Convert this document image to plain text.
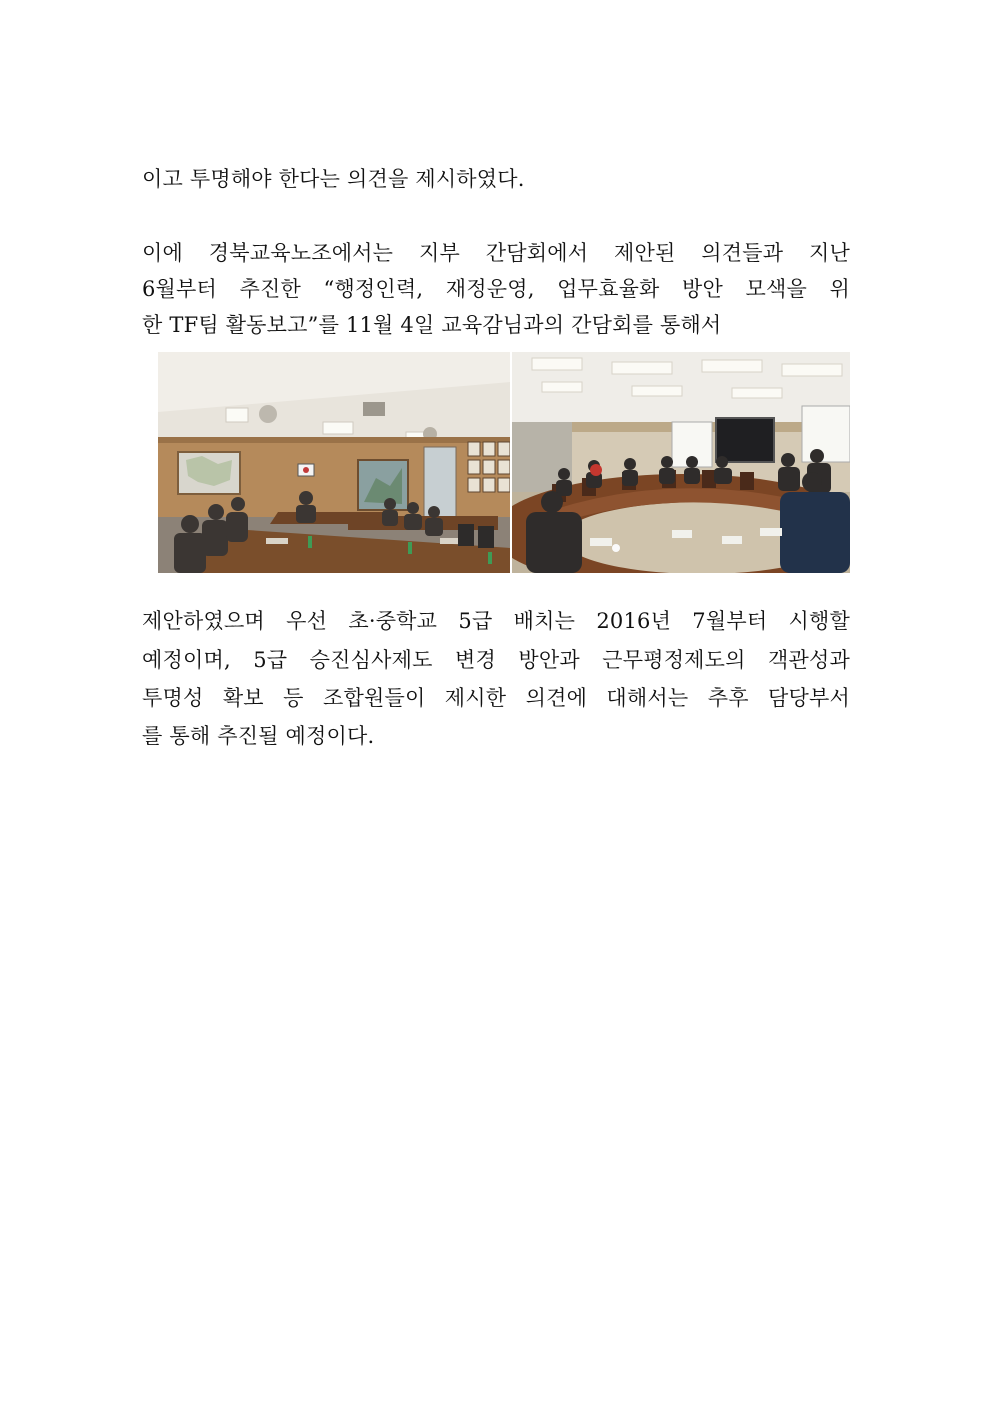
이고 투명해야 한다는 의견을 제시하였다.
이에 경북교육노조에서는 지부 간담회에서 제안된 의견들과 지난
6월부터 추진한 “행정인력, 재정운영, 업무효율화 방안 모색을 위
한 TF팀 활동보고”를 11월 4일 교육감님과의 간담회를 통해서
제안하였으며 우선 초·중학교 5급 배치는 2016년 7월부터 시행할
예정이며, 5급 승진심사제도 변경 방안과 근무평정제도의 객관성과
투명성 확보 등 조합원들이 제시한 의견에 대해서는 추후 담당부서
를 통해 추진될 예정이다.
